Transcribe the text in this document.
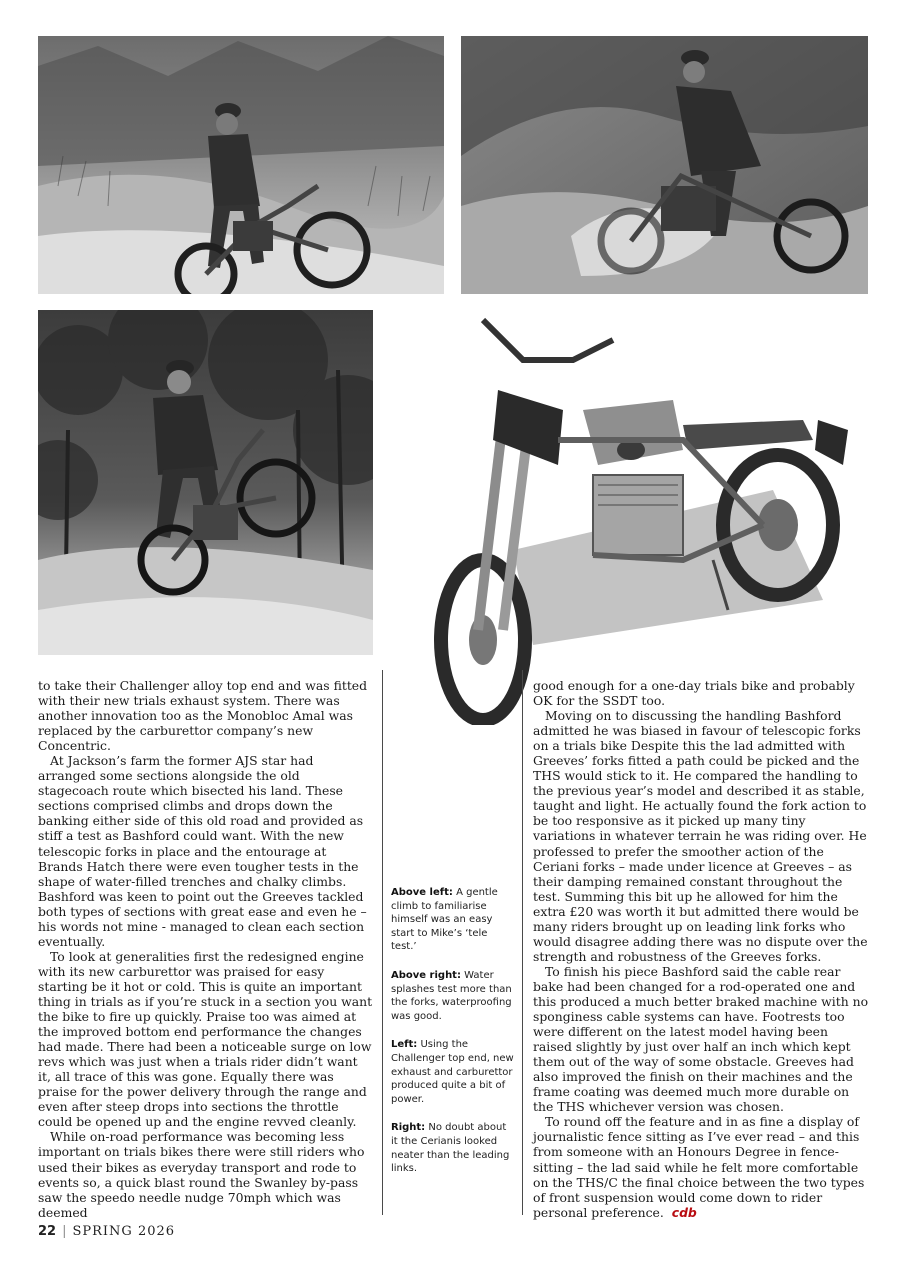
to take their Challenger alloy top end and was fitted with their new trials exhaust system. There was another innovation too as the Monobloc Amal was replaced by the carburettor company’s new Concentric.

At Jackson’s farm the former AJS star had arranged some sections alongside the old stagecoach route which bisected his land. These sections comprised climbs and drops down the banking either side of this old road and provided as stiff a test as Bashford could want. With the new telescopic forks in place and the entourage at Brands Hatch there were even tougher tests in the shape of water-filled trenches and chalky climbs. Bashford was keen to point out the Greeves tackled both types of sections with great ease and even he – his words not mine - managed to clean each section eventually.

To look at generalities first the redesigned engine with its new carburettor was praised for easy starting be it hot or cold. This is quite an important thing in trials as if you’re stuck in a section you want the bike to fire up quickly. Praise too was aimed at the improved bottom end performance the changes had made. There had been a noticeable surge on low revs which was just when a trials rider didn’t want it, all trace of this was gone. Equally there was praise for the power delivery through the range and even after steep drops into sections the throttle could be opened up and the engine revved cleanly.

While on-road performance was becoming less important on trials bikes there were still riders who used their bikes as everyday transport and rode to events so, a quick blast round the Swanley by-pass saw the speedo needle nudge 70mph which was deemed

Above left: A gentle climb to familiarise himself was an easy start to Mike’s ‘tele test.’

Above right: Water splashes test more than the forks, waterproofing was good.

Left: Using the Challenger top end, new exhaust and carburettor produced quite a bit of power.

Right: No doubt about it the Cerianis looked neater than the leading links.

good enough for a one-day trials bike and probably OK for the SSDT too.

Moving on to discussing the handling Bashford admitted he was biased in favour of telescopic forks on a trials bike Despite this the lad admitted with Greeves’ forks fitted a path could be picked and the THS would stick to it. He compared the handling to the previous year’s model and described it as stable, taught and light. He actually found the fork action to be too responsive as it picked up many tiny variations in whatever terrain he was riding over. He professed to prefer the smoother action of the Ceriani forks – made under licence at Greeves – as their damping remained constant throughout the test. Summing this bit up he allowed for him the extra £20 was worth it but admitted there would be many riders brought up on leading link forks who would disagree adding there was no dispute over the strength and robustness of the Greeves forks.

To finish his piece Bashford said the cable rear bake had been changed for a rod-operated one and this produced a much better braked machine with no sponginess cable systems can have. Footrests too were different on the latest model having been raised slightly by just over half an inch which kept them out of the way of some obstacle. Greeves had also improved the finish on their machines and the frame coating was deemed much more durable on the THS whichever version was chosen.

To round off the feature and in as fine a display of journalistic fence sitting as I’ve ever read – and this from someone with an Honours Degree in fence-sitting – the lad said while he felt more comfortable on the THS/C the final choice between the two types of front suspension would come down to rider personal preference. cdb

22 | SPRING 2026
